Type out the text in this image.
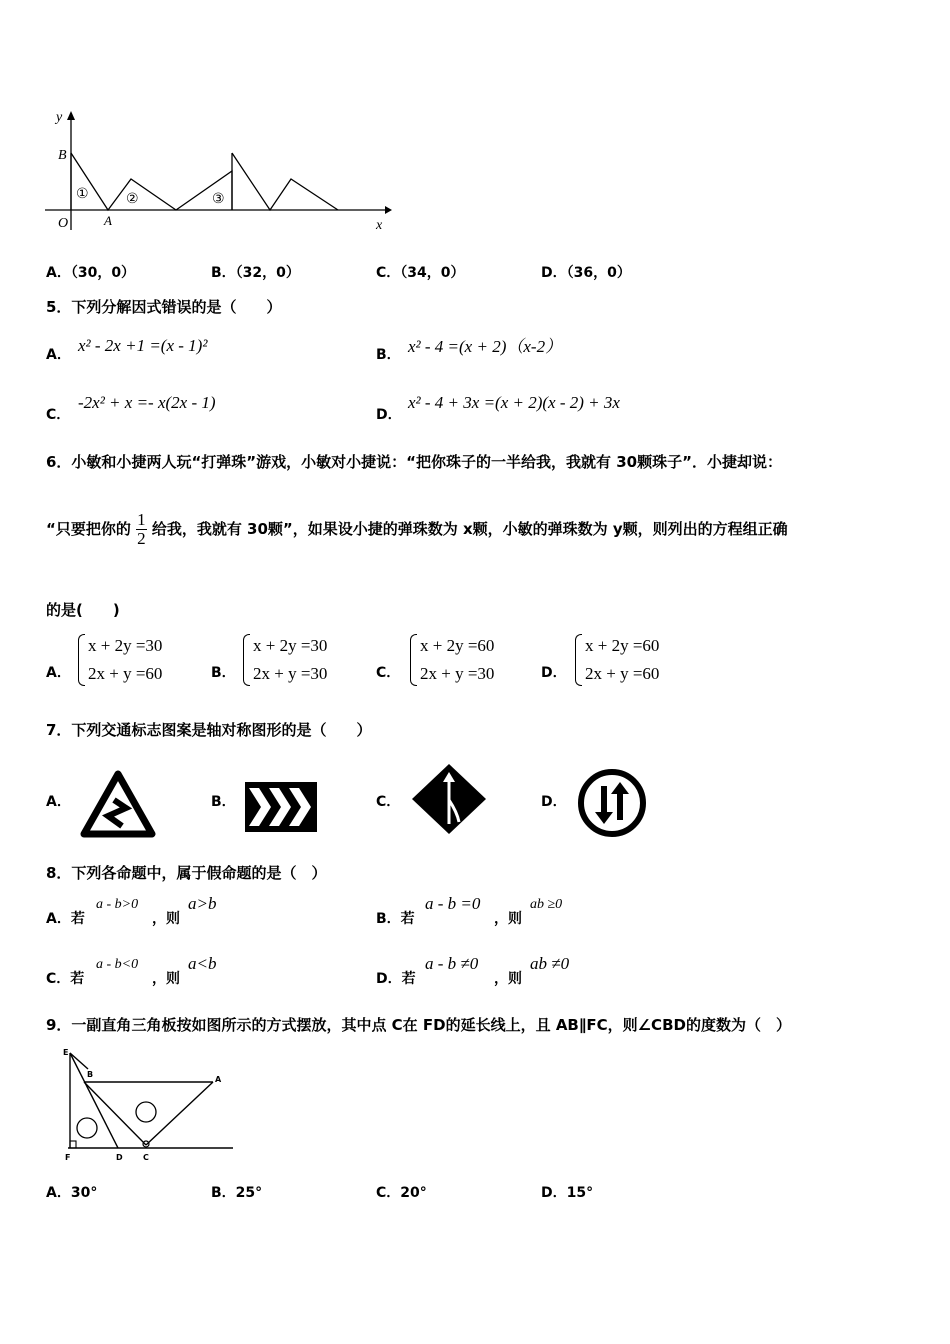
y
B
O	A	x
①	②	③
A．（30，0）	B．（32，0）	C．（34，0）	D．（36，0）
5．下列分解因式错误的是（　　）
A． x² - 2x +1 =(x - 1)²	B． x² - 4 =(x + 2)（x-2）
C．
-2x² + x =- x(2x - 1)
D．
x² - 4 + 3x =(x + 2)(x - 2) + 3x
6．小敏和小捷两人玩“打弹珠”游戏，小敏对小捷说：“把你珠子的一半给我，我就有 30颗珠子”．小捷却说：
“只要把你的 $\frac{1}{2}$ 给我，我就有 30颗”，如果设小捷的弹珠数为 x颗，小敏的弹珠数为 y颗，则列出的方程组正确
的是(　　)
A．
x + 2y =30
2x + y =60	B．
x + 2y =30
2x + y =30	C．
x + 2y =60
2x + y =30	D．
x + 2y =60
2x + y =60
7．下列交通标志图案是轴对称图形的是（　　）
A．	B．	C．	D．
8．下列各命题中，属于假命题的是（　）
A．若
a - b>0
，则
a>b
B．若
a - b =0
，则
ab ≥0
C．若
a - b<0
，则
a<b
D．若
a - b ≠0
，则
ab ≠0
9．一副直角三角板按如图所示的方式摆放，其中点 C在 FD的延长线上，且 AB∥FC，则∠CBD的度数为（　）
E
B
A
F	D	C
A．30°	B．25°	C．20°	D．15°
